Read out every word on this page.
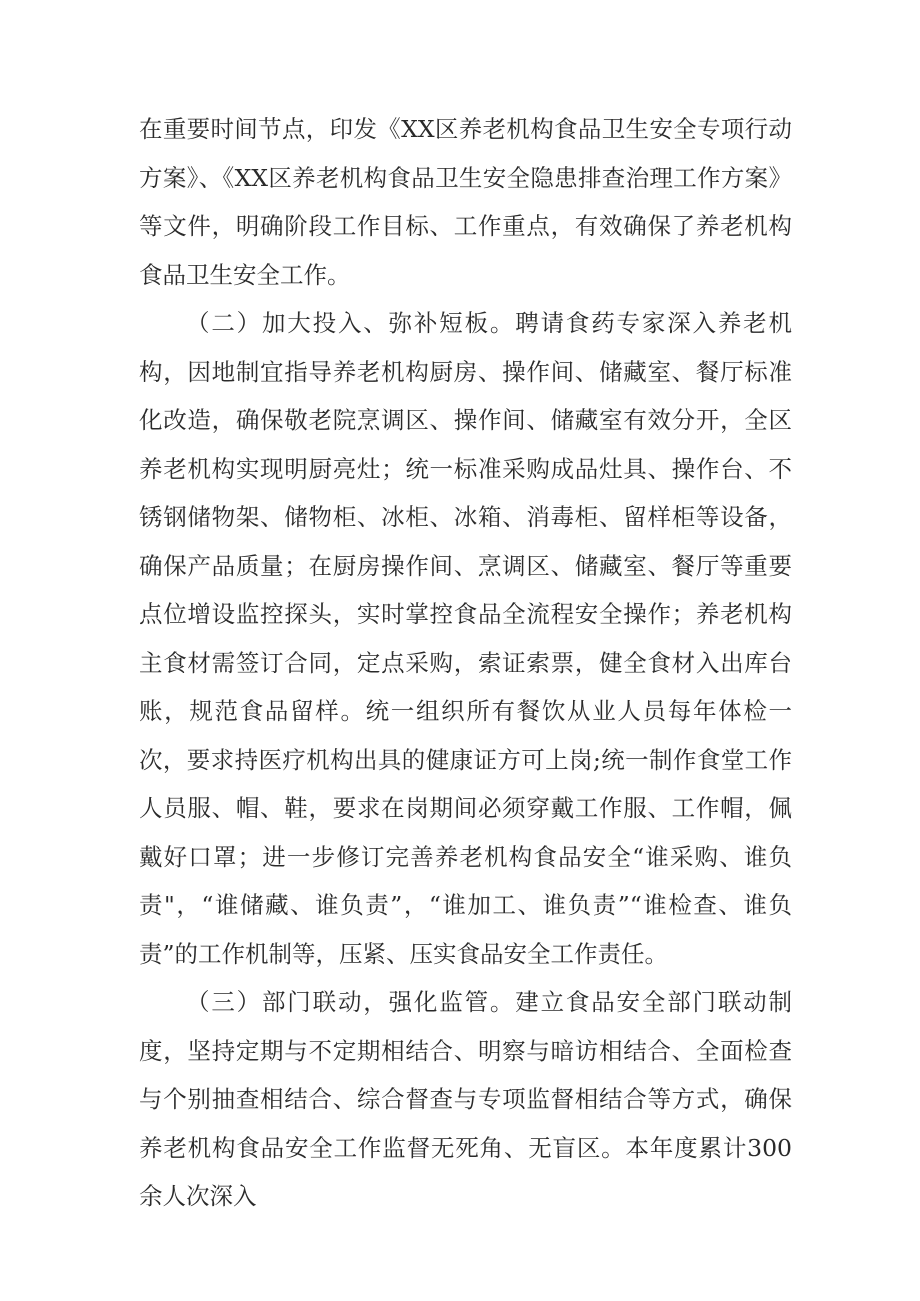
在重要时间节点，印发《XX区养老机构食品卫生安全专项行动方案》、《XX区养老机构食品卫生安全隐患排查治理工作方案》等文件，明确阶段工作目标、工作重点，有效确保了养老机构食品卫生安全工作。

（二）加大投入、弥补短板。聘请食药专家深入养老机构，因地制宜指导养老机构厨房、操作间、储藏室、餐厅标准化改造，确保敬老院烹调区、操作间、储藏室有效分开，全区养老机构实现明厨亮灶；统一标准采购成品灶具、操作台、不锈钢储物架、储物柜、冰柜、冰箱、消毒柜、留样柜等设备，确保产品质量；在厨房操作间、烹调区、储藏室、餐厅等重要点位增设监控探头，实时掌控食品全流程安全操作；养老机构主食材需签订合同，定点采购，索证索票，健全食材入出库台账，规范食品留样。统一组织所有餐饮从业人员每年体检一次，要求持医疗机构出具的健康证方可上岗;统一制作食堂工作人员服、帽、鞋，要求在岗期间必须穿戴工作服、工作帽，佩戴好口罩；进一步修订完善养老机构食品安全“谁采购、谁负责"，“谁储藏、谁负责”，“谁加工、谁负责”“谁检查、谁负责”的工作机制等，压紧、压实食品安全工作责任。

（三）部门联动，强化监管。建立食品安全部门联动制度，坚持定期与不定期相结合、明察与暗访相结合、全面检查与个别抽查相结合、综合督查与专项监督相结合等方式，确保养老机构食品安全工作监督无死角、无盲区。本年度累计300余人次深入
